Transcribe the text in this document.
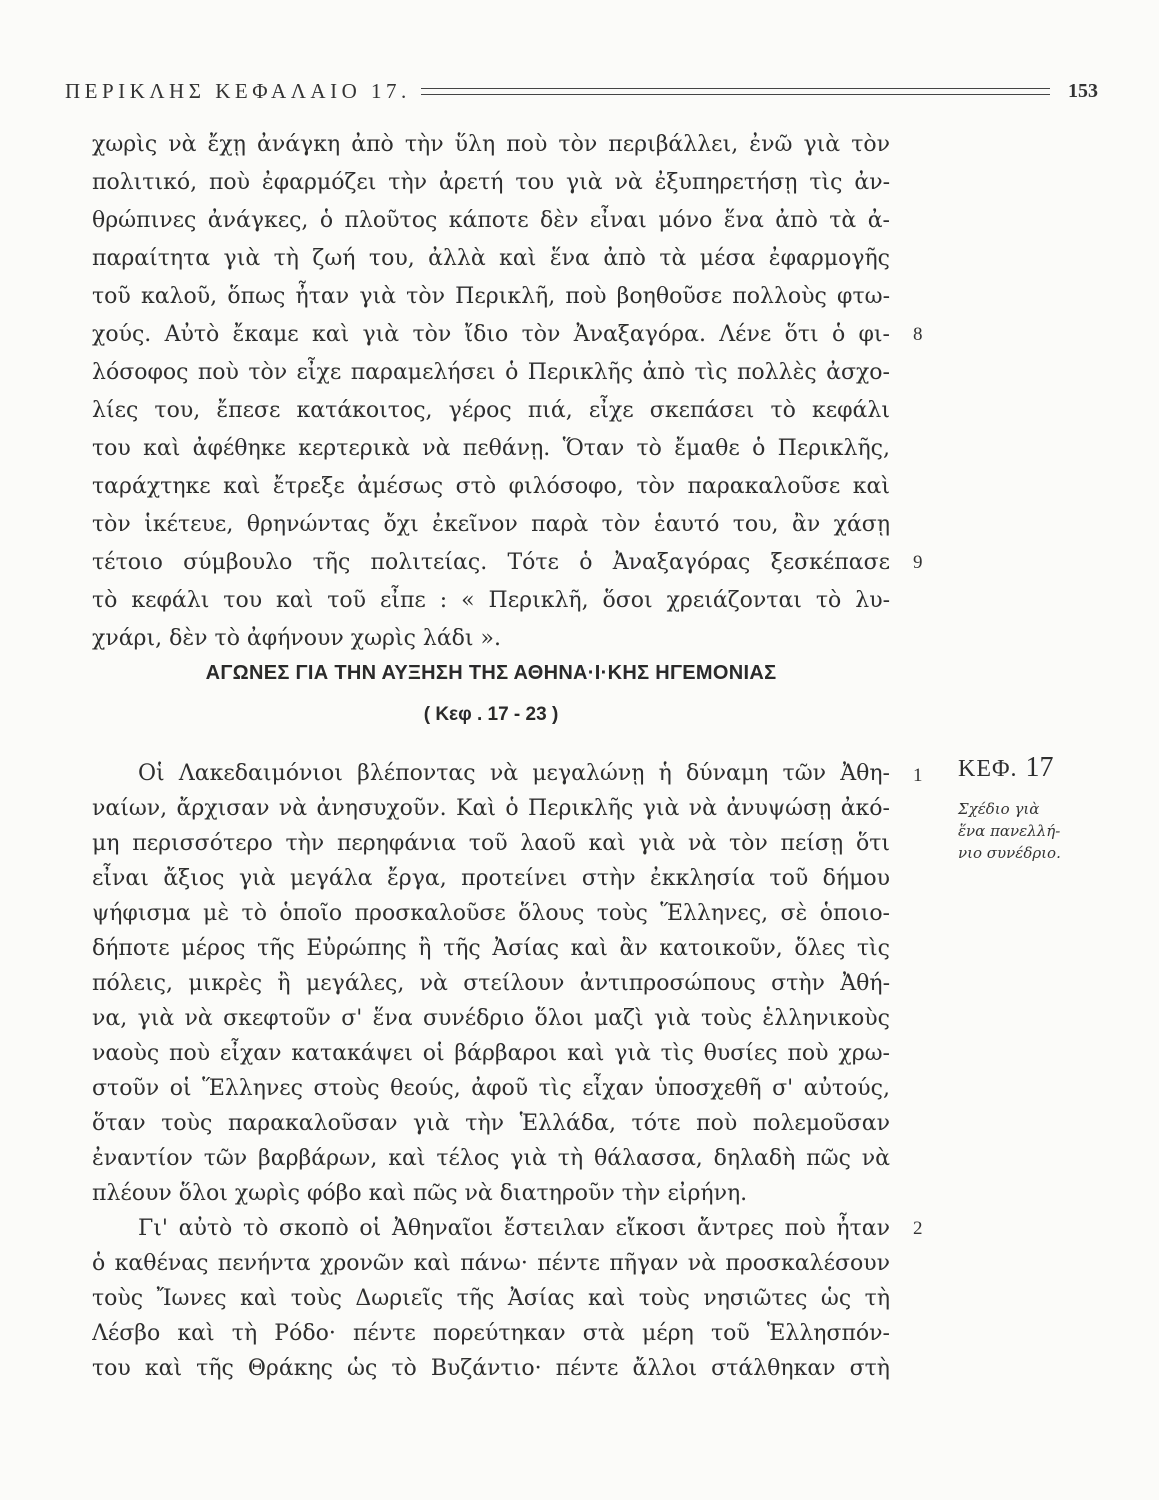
ΠΕΡΙΚΛΗΣ ΚΕΦΑΛΑΙΟ 17.	153
χωρὶς νὰ ἔχῃ ἀνάγκη ἀπὸ τὴν ὕλη ποὺ τὸν περιβάλλει, ἐνῶ γιὰ τὸν
πολιτικό, ποὺ ἐφαρμόζει τὴν ἀρετή του γιὰ νὰ ἐξυπηρετήσῃ τὶς ἀν-
θρώπινες ἀνάγκες, ὁ πλοῦτος κάποτε δὲν εἶναι μόνο ἕνα ἀπὸ τὰ ἀ-
παραίτητα γιὰ τὴ ζωή του, ἀλλὰ καὶ ἕνα ἀπὸ τὰ μέσα ἐφαρμογῆς
τοῦ καλοῦ, ὅπως ἦταν γιὰ τὸν Περικλῆ, ποὺ βοηθοῦσε πολλοὺς φτω-
χούς. Αὐτὸ ἔκαμε καὶ γιὰ τὸν ἴδιο τὸν Ἀναξαγόρα. Λένε ὅτι ὁ φι-
λόσοφος ποὺ τὸν εἶχε παραμελήσει ὁ Περικλῆς ἀπὸ τὶς πολλὲς ἀσχο-
λίες του, ἔπεσε κατάκοιτος, γέρος πιά, εἶχε σκεπάσει τὸ κεφάλι
του καὶ ἀφέθηκε κερτερικὰ νὰ πεθάνῃ. Ὅταν τὸ ἔμαθε ὁ Περικλῆς,
ταράχτηκε καὶ ἔτρεξε ἀμέσως στὸ φιλόσοφο, τὸν παρακαλοῦσε καὶ
τὸν ἱκέτευε, θρηνώντας ὄχι ἐκεῖνον παρὰ τὸν ἑαυτό του, ἂν χάσῃ
τέτοιο σύμβουλο τῆς πολιτείας. Τότε ὁ Ἀναξαγόρας ξεσκέπασε
τὸ κεφάλι του καὶ τοῦ εἶπε : « Περικλῆ, ὅσοι χρειάζονται τὸ λυ-
χνάρι, δὲν τὸ ἀφήνουν χωρὶς λάδι ».
8
9
ΑΓΩΝΕΣ ΓΙΑ ΤΗΝ ΑΥΞΗΣΗ ΤΗΣ ΑΘΗΝΑ·Ι·ΚΗΣ ΗΓΕΜΟΝΙΑΣ
( Κεφ . 17 - 23 )
Οἱ Λακεδαιμόνιοι βλέποντας νὰ μεγαλώνῃ ἡ δύναμη τῶν Ἀθη-
ναίων, ἄρχισαν νὰ ἀνησυχοῦν. Καὶ ὁ Περικλῆς γιὰ νὰ ἀνυψώσῃ ἀκό-
μη περισσότερο τὴν περηφάνια τοῦ λαοῦ καὶ γιὰ νὰ τὸν πείσῃ ὅτι
εἶναι ἄξιος γιὰ μεγάλα ἔργα, προτείνει στὴν ἐκκλησία τοῦ δήμου
ψήφισμα μὲ τὸ ὁποῖο προσκαλοῦσε ὅλους τοὺς Ἕλληνες, σὲ ὁποιο-
δήποτε μέρος τῆς Εὐρώπης ἢ τῆς Ἀσίας καὶ ἂν κατοικοῦν, ὅλες τὶς
πόλεις, μικρὲς ἢ μεγάλες, νὰ στείλουν ἀντιπροσώπους στὴν Ἀθή-
να, γιὰ νὰ σκεφτοῦν σ' ἕνα συνέδριο ὅλοι μαζὶ γιὰ τοὺς ἑλληνικοὺς
ναοὺς ποὺ εἶχαν κατακάψει οἱ βάρβαροι καὶ γιὰ τὶς θυσίες ποὺ χρω-
στοῦν οἱ Ἕλληνες στοὺς θεούς, ἀφοῦ τὶς εἶχαν ὑποσχεθῆ σ' αὐτούς,
ὅταν τοὺς παρακαλοῦσαν γιὰ τὴν Ἑλλάδα, τότε ποὺ πολεμοῦσαν
ἐναντίον τῶν βαρβάρων, καὶ τέλος γιὰ τὴ θάλασσα, δηλαδὴ πῶς νὰ
πλέουν ὅλοι χωρὶς φόβο καὶ πῶς νὰ διατηροῦν τὴν εἰρήνη.
Γι' αὐτὸ τὸ σκοπὸ οἱ Ἀθηναῖοι ἔστειλαν εἴκοσι ἄντρες ποὺ ἦταν
ὁ καθένας πενήντα χρονῶν καὶ πάνω· πέντε πῆγαν νὰ προσκαλέσουν
τοὺς Ἴωνες καὶ τοὺς Δωριεῖς τῆς Ἀσίας καὶ τοὺς νησιῶτες ὡς τὴ
Λέσβο καὶ τὴ Ρόδο· πέντε πορεύτηκαν στὰ μέρη τοῦ Ἑλλησπόν-
του καὶ τῆς Θράκης ὡς τὸ Βυζάντιο· πέντε ἄλλοι στάλθηκαν στὴ
1
2
ΚΕΦ. 17
Σχέδιο γιὰ
ἕνα πανελλή-
νιο συνέδριο.
